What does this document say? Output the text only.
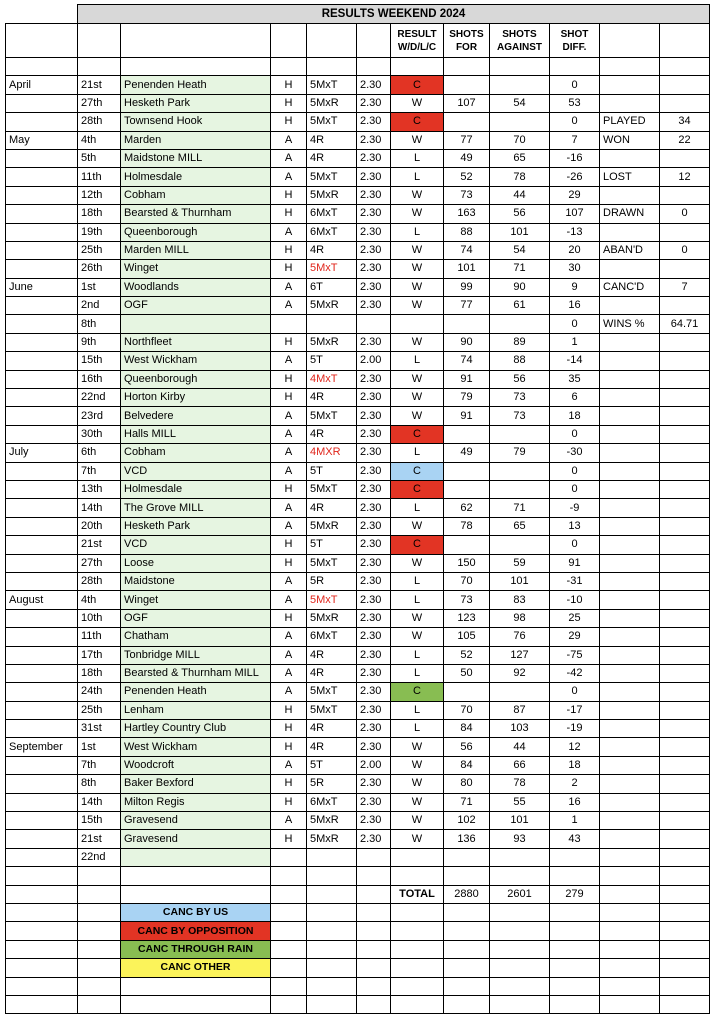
	RESULTS WEEKEND 2024										
						RESULT W/D/L/C	SHOTS FOR	SHOTS AGAINST	SHOT DIFF.		

April	21st	Penenden Heath	H	5MxT	2.30	C			0		
	27th	Hesketh Park	H	5MxR	2.30	W	107	54	53		
	28th	Townsend Hook	H	5MxT	2.30	C			0	PLAYED	34
May	4th	Marden	A	4R	2.30	W	77	70	7	WON	22
	5th	Maidstone MILL	A	4R	2.30	L	49	65	-16		
	11th	Holmesdale	A	5MxT	2.30	L	52	78	-26	LOST	12
	12th	Cobham	H	5MxR	2.30	W	73	44	29		
	18th	Bearsted & Thurnham	H	6MxT	2.30	W	163	56	107	DRAWN	0
	19th	Queenborough	A	6MxT	2.30	L	88	101	-13		
	25th	Marden MILL	H	4R	2.30	W	74	54	20	ABAN'D	0
	26th	Winget	H	5MxT	2.30	W	101	71	30		
June	1st	Woodlands	A	6T	2.30	W	99	90	9	CANC'D	7
	2nd	OGF	A	5MxR	2.30	W	77	61	16		
	8th								0	WINS %	64.71
	9th	Northfleet	H	5MxR	2.30	W	90	89	1		
	15th	West Wickham	A	5T	2.00	L	74	88	-14		
	16th	Queenborough	H	4MxT	2.30	W	91	56	35		
	22nd	Horton Kirby	H	4R	2.30	W	79	73	6		
	23rd	Belvedere	A	5MxT	2.30	W	91	73	18		
	30th	Halls MILL	A	4R	2.30	C			0		
July	6th	Cobham	A	4MXR	2.30	L	49	79	-30		
	7th	VCD	A	5T	2.30	C			0		
	13th	Holmesdale	H	5MxT	2.30	C			0		
	14th	The Grove MILL	A	4R	2.30	L	62	71	-9		
	20th	Hesketh Park	A	5MxR	2.30	W	78	65	13		
	21st	VCD	H	5T	2.30	C			0		
	27th	Loose	H	5MxT	2.30	W	150	59	91		
	28th	Maidstone	A	5R	2.30	L	70	101	-31		
August	4th	Winget	A	5MxT	2.30	L	73	83	-10		
	10th	OGF	H	5MxR	2.30	W	123	98	25		
	11th	Chatham	A	6MxT	2.30	W	105	76	29		
	17th	Tonbridge MILL	A	4R	2.30	L	52	127	-75		
	18th	Bearsted & Thurnham MILL	A	4R	2.30	L	50	92	-42		
	24th	Penenden Heath	A	5MxT	2.30	C			0		
	25th	Lenham	H	5MxT	2.30	L	70	87	-17		
	31st	Hartley Country Club	H	4R	2.30	L	84	103	-19		
September	1st	West Wickham	H	4R	2.30	W	56	44	12		
	7th	Woodcroft	A	5T	2.00	W	84	66	18		
	8th	Baker Bexford	H	5R	2.30	W	80	78	2		
	14th	Milton Regis	H	6MxT	2.30	W	71	55	16		
	15th	Gravesend	A	5MxR	2.30	W	102	101	1		
	21st	Gravesend	H	5MxR	2.30	W	136	93	43		
	22nd										

						TOTAL	2880	2601	279		
		CANC BY US									
		CANC BY OPPOSITION									
		CANC THROUGH RAIN									
		CANC OTHER									
